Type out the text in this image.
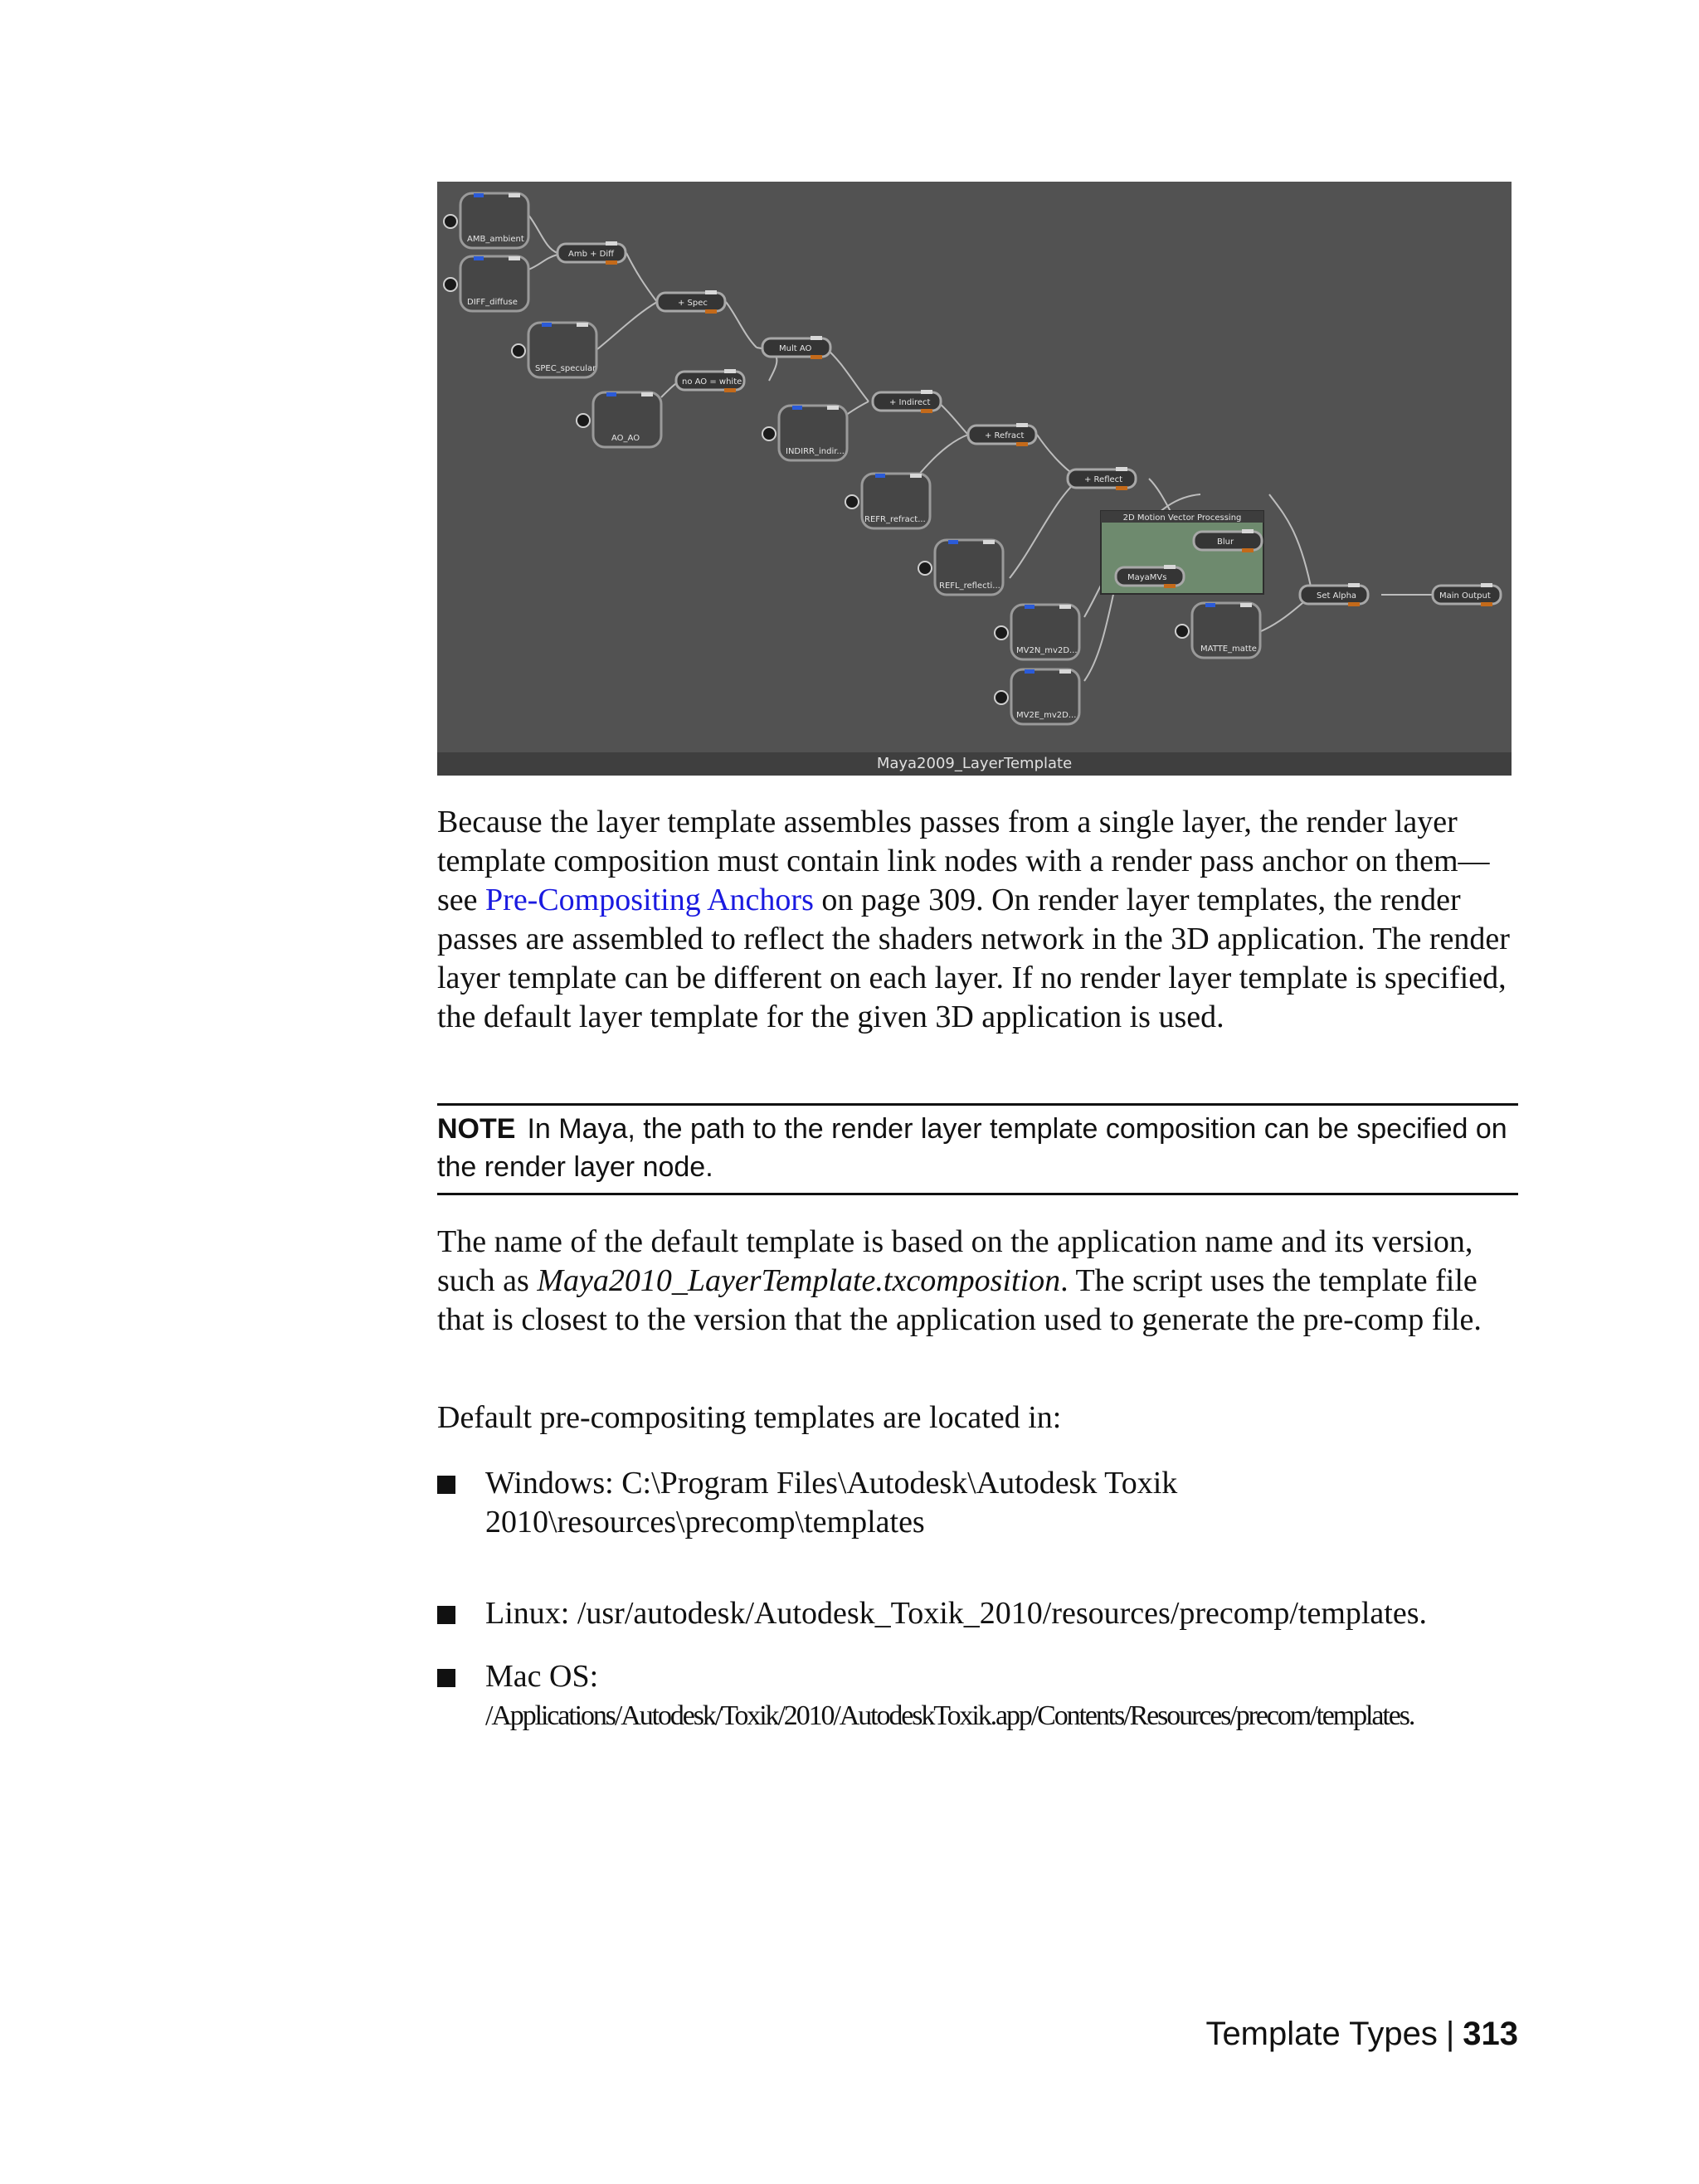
2D Motion Vector Processing
AMB_ambient
DIFF_diffuse
SPEC_specular
AO_AO
INDIRR_indir...
REFR_refract...
REFL_reflecti...
MV2N_mv2D...
MV2E_mv2D...
MATTE_matte
Amb + Diff
+ Spec
Mult AO
no AO = white
+ Indirect
+ Refract
+ Reflect
Blur
MayaMVs
Set Alpha	Main Output
Maya2009_LayerTemplate

Because the layer template assembles passes from a single layer, the render layer template composition must contain link nodes with a render pass anchor on them—see Pre-Compositing Anchors on page 309. On render layer templates, the render passes are assembled to reflect the shaders network in the 3D application. The render layer template can be different on each layer. If no render layer template is specified, the default layer template for the given 3D application is used.

NOTE In Maya, the path to the render layer template composition can be specified on the render layer node.

The name of the default template is based on the application name and its version, such as Maya2010_LayerTemplate.txcomposition. The script uses the template file that is closest to the version that the application used to generate the pre-comp file.

Default pre-compositing templates are located in:

Windows: C:\Program Files\Autodesk\Autodesk Toxik 2010\resources\precomp\templates
Linux: /usr/autodesk/Autodesk_Toxik_2010/resources/precomp/templates.
Mac OS:
/Applications/Autodesk/Toxik/2010/AutodeskToxik.app/Contents/Resources/precom/templates.
Template Types | 313
